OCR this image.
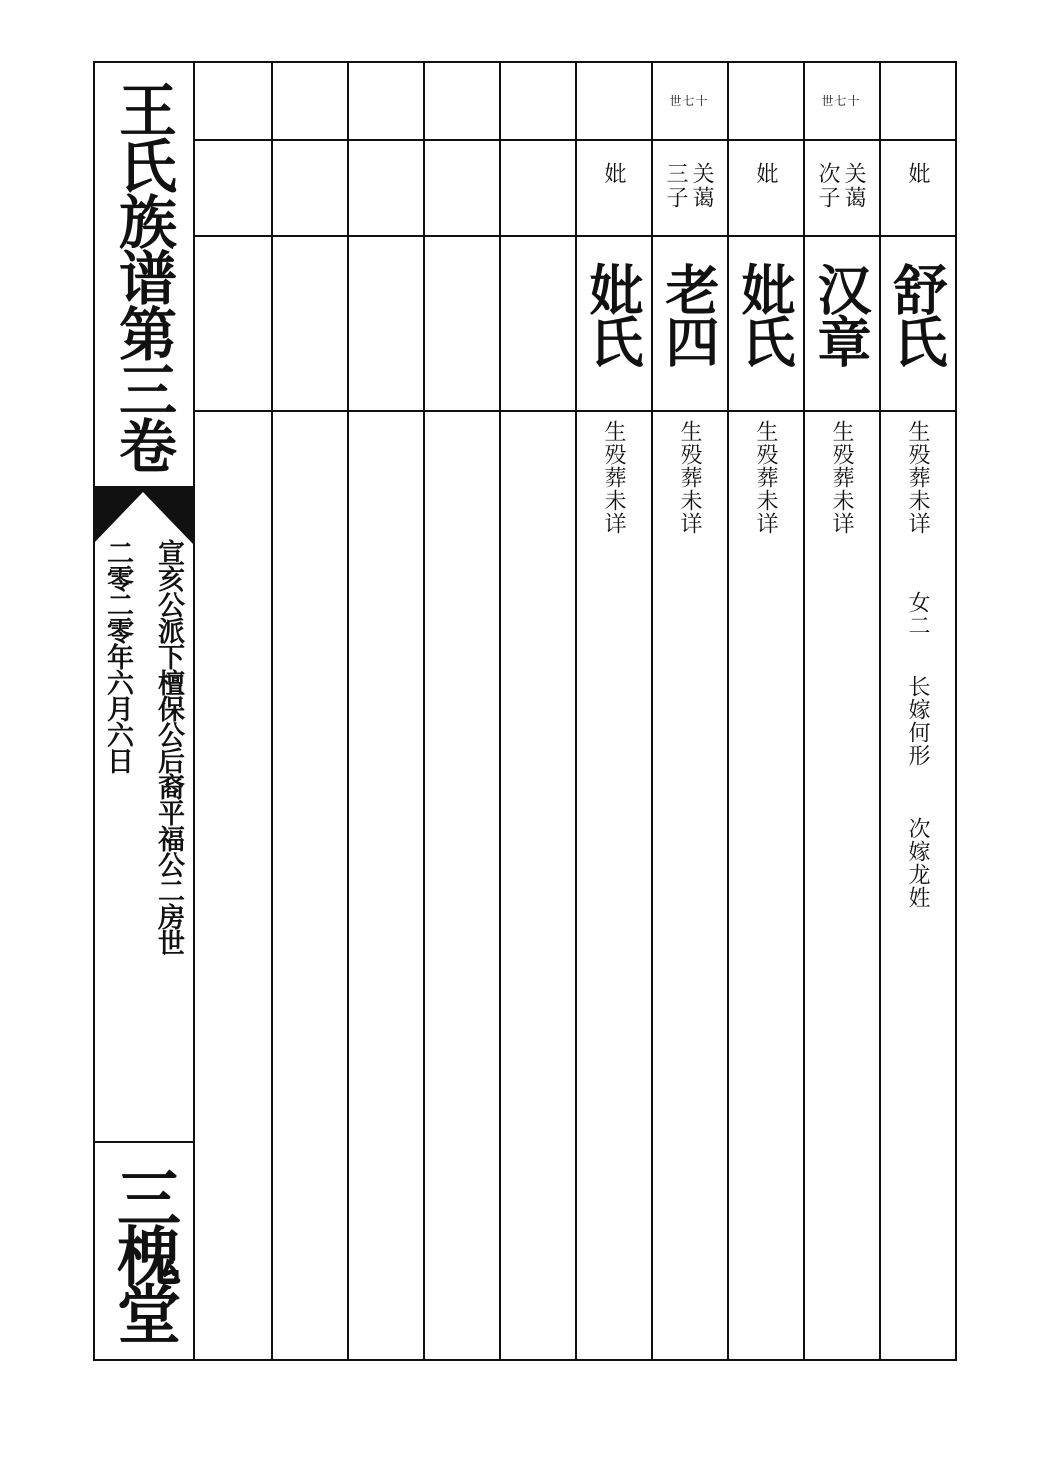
王氏族谱第三卷
宣亥公派下檀保公后裔平福公二房世
二零二零年六月六日
三槐堂
妣
舒氏
生殁葬未详
女二
长嫁何形
次嫁龙姓
世七十
关蔼次子
汉章
生殁葬未详
妣
妣氏
生殁葬未详
世七十
关蔼三子
老四
生殁葬未详
妣
妣氏
生殁葬未详
